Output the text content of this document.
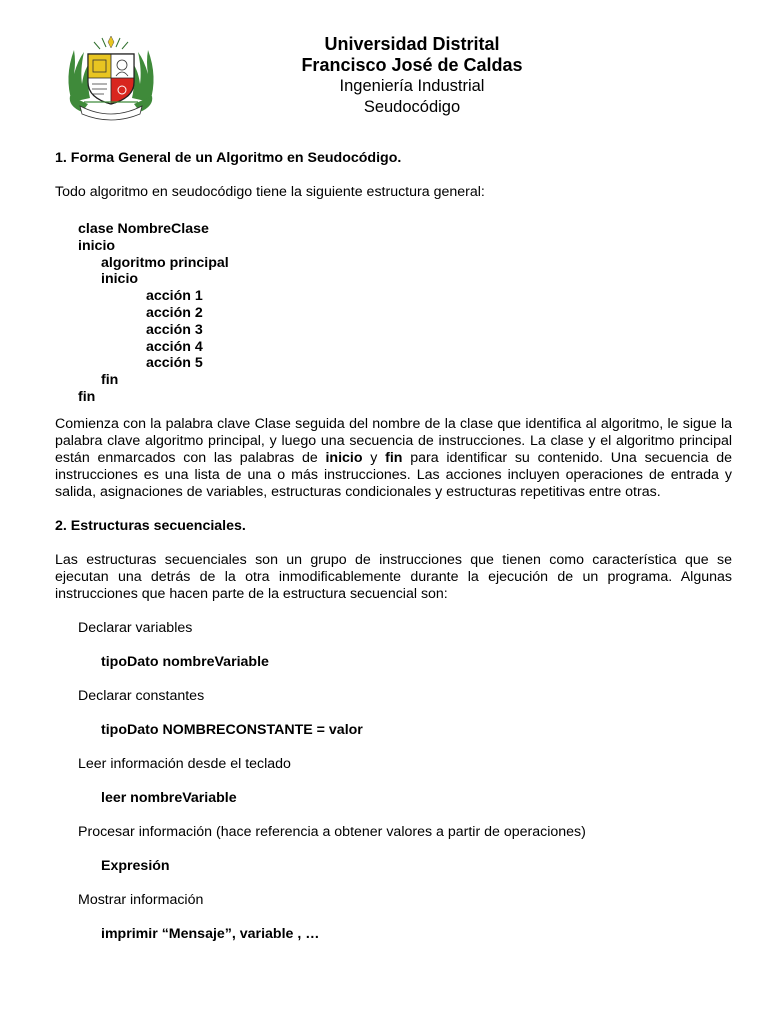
Universidad Distrital
Francisco José de Caldas
Ingeniería Industrial
Seudocódigo

1. Forma General de un Algoritmo en Seudocódigo.

Todo algoritmo en seudocódigo tiene la siguiente estructura general:

clase NombreClase
inicio
algoritmo principal
inicio
acción 1
acción 2
acción 3
acción 4
acción 5
fin
fin

Comienza con la palabra clave Clase seguida del nombre de la clase que identifica al algoritmo, le sigue la palabra clave algoritmo principal, y luego una secuencia de instrucciones. La clase y el algoritmo principal están enmarcados con las palabras de inicio y fin para identificar su contenido. Una secuencia de instrucciones es una lista de una o más instrucciones. Las acciones incluyen operaciones de entrada y salida, asignaciones de variables, estructuras condicionales y estructuras repetitivas entre otras.

2. Estructuras secuenciales.

Las estructuras secuenciales son un grupo de instrucciones que tienen como característica que se ejecutan una detrás de la otra inmodificablemente durante la ejecución de un programa. Algunas instrucciones que hacen parte de la estructura secuencial son:

Declarar variables

tipoDato nombreVariable

Declarar constantes

tipoDato NOMBRECONSTANTE = valor

Leer información desde el teclado

leer nombreVariable

Procesar información (hace referencia a obtener valores a partir de operaciones)

Expresión

Mostrar información

imprimir “Mensaje”, variable , …
